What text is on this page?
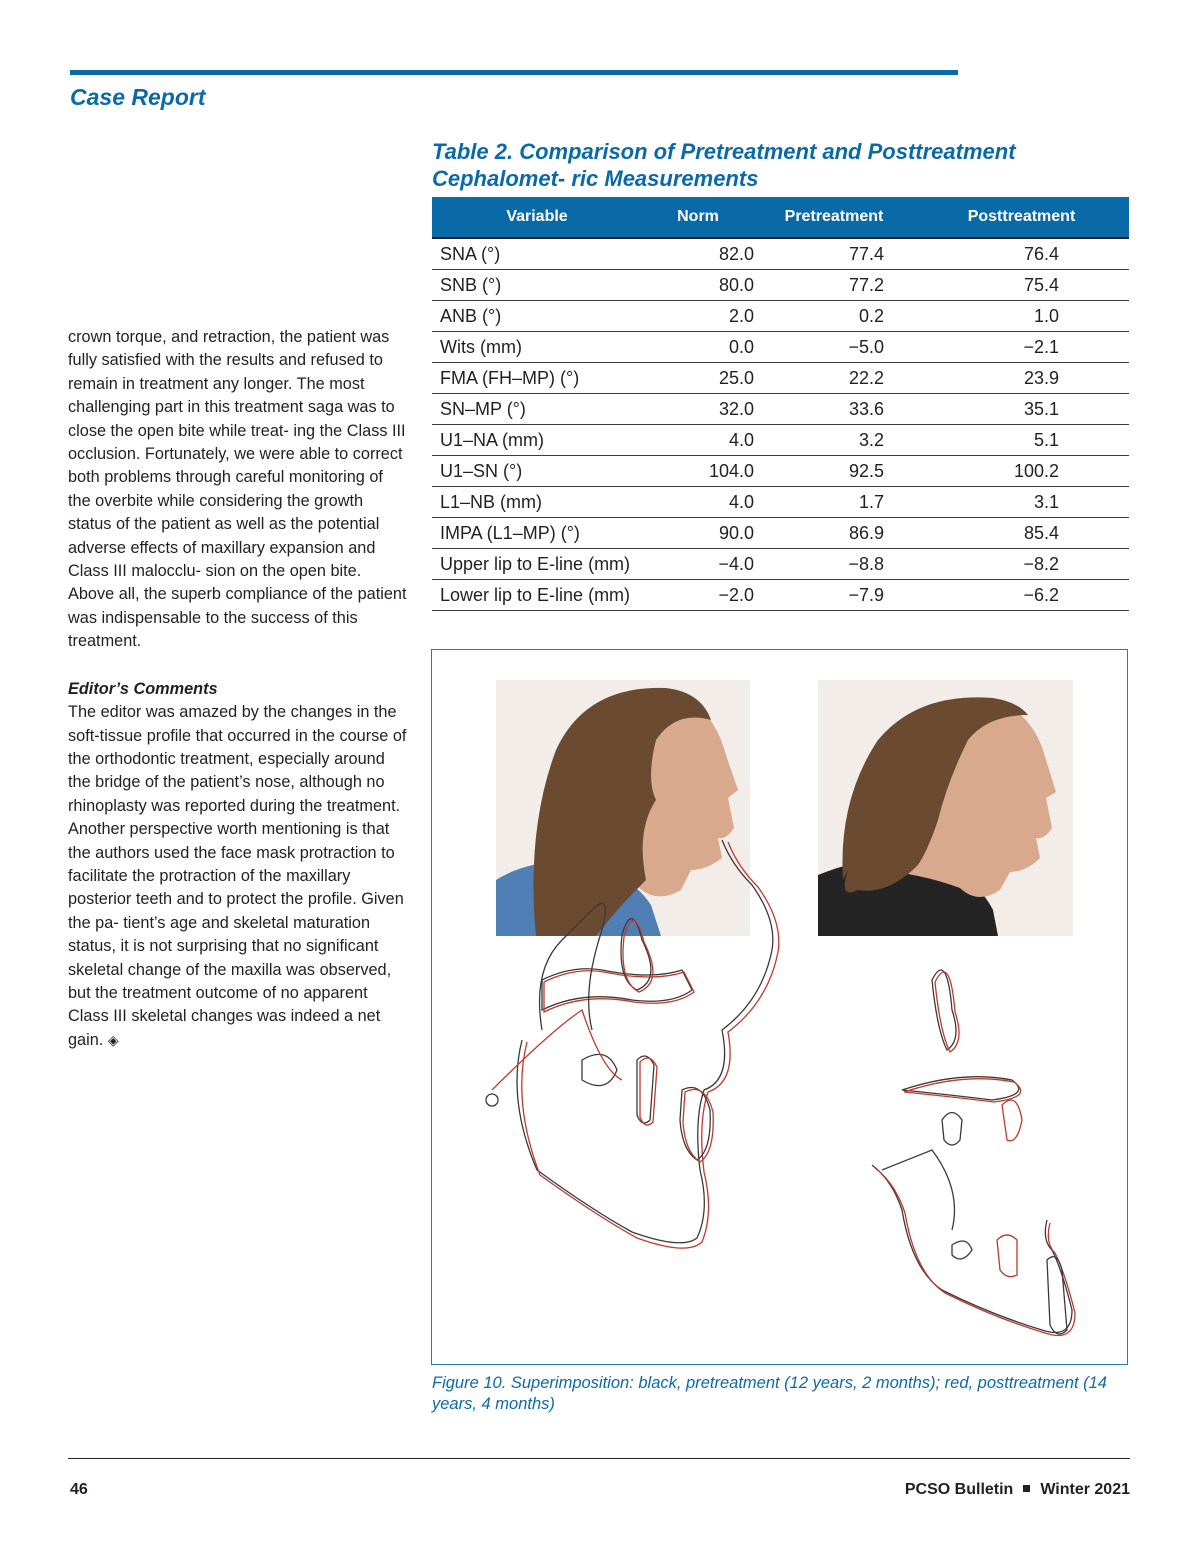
Case Report

crown torque, and retraction, the patient was fully satisfied with the results and refused to remain in treatment any longer. The most challenging part in this treatment saga was to close the open bite while treat- ing the Class III occlusion. Fortunately, we were able to correct both problems through careful monitoring of the overbite while considering the growth status of the patient as well as the potential adverse effects of maxillary expansion and Class III malocclu- sion on the open bite. Above all, the superb compliance of the patient was indispensable to the success of this treatment.

Editor’s Comments

The editor was amazed by the changes in the soft-tissue profile that occurred in the course of the orthodontic treatment, especially around the bridge of the patient’s nose, although no rhinoplasty was reported during the treatment. Another perspective worth mentioning is that the authors used the face mask protraction to facilitate the protraction of the maxillary posterior teeth and to protect the profile. Given the pa- tient’s age and skeletal maturation status, it is not surprising that no significant skeletal change of the maxilla was observed, but the treatment outcome of no apparent Class III skeletal changes was indeed a net gain. ◈

Table 2. Comparison of Pretreatment and Posttreatment Cephalomet- ric Measurements
Variable	Norm	Pretreatment	Posttreatment
SNA (°)	82.0	77.4	76.4
SNB (°)	80.0	77.2	75.4
ANB (°)	2.0	0.2	1.0
Wits (mm)	0.0	−5.0	−2.1
FMA (FH–MP) (°)	25.0	22.2	23.9
SN–MP (°)	32.0	33.6	35.1
U1–NA (mm)	4.0	3.2	5.1
U1–SN (°)	104.0	92.5	100.2
L1–NB (mm)	4.0	1.7	3.1
IMPA (L1–MP) (°)	90.0	86.9	85.4
Upper lip to E-line (mm)	−4.0	−8.8	−8.2
Lower lip to E-line (mm)	−2.0	−7.9	−6.2
Figure 10. Superimposition: black, pretreatment (12 years, 2 months); red, posttreatment (14 years, 4 months)
46	PCSO Bulletin Winter 2021
